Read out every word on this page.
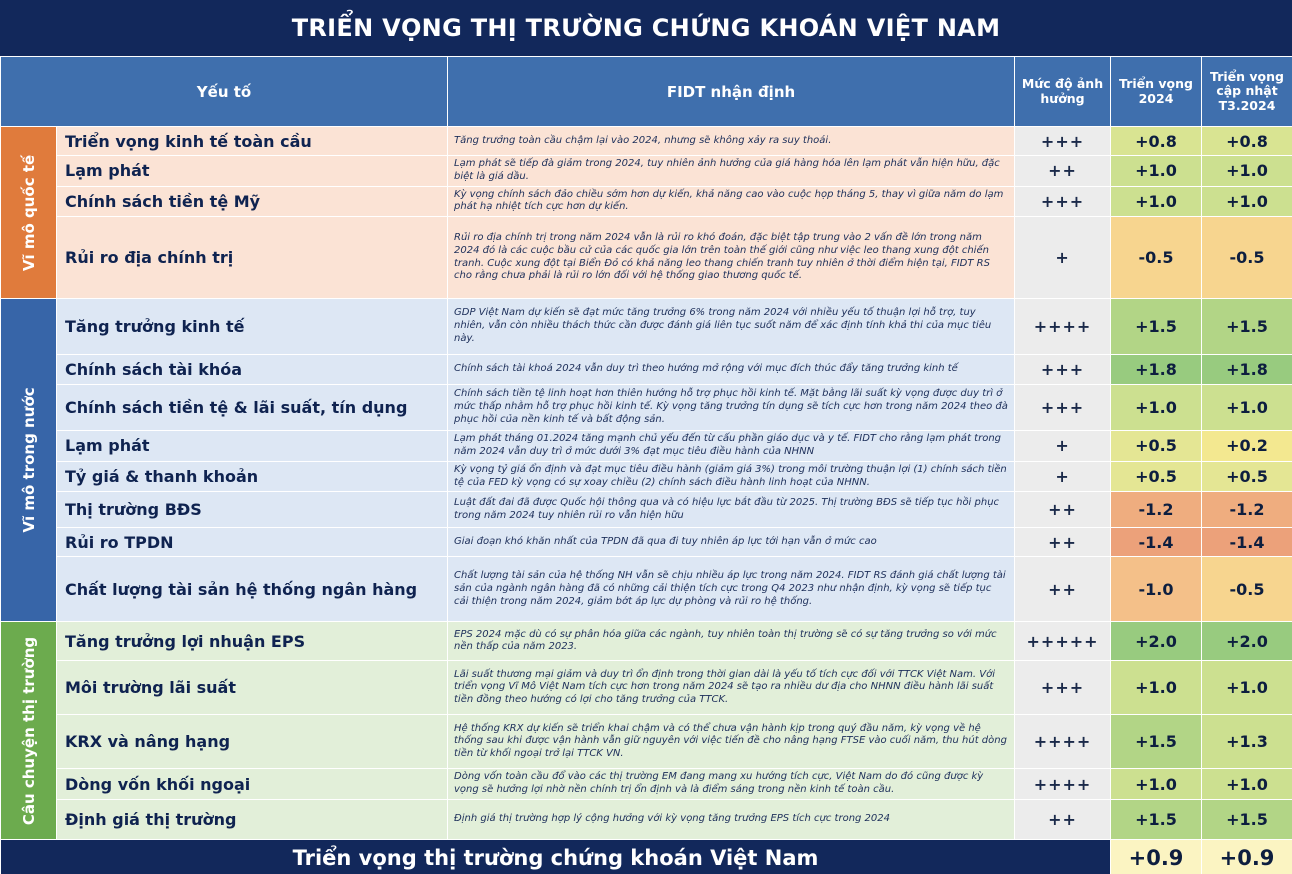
TRIỂN VỌNG THỊ TRƯỜNG CHỨNG KHOÁN VIỆT NAM
Yếu tố		FIDT nhận định	Mức độ ảnh hưởng	Triển vọng 2024	Triển vọng cập nhật T3.2024

Vĩ mô quốc tế	Triển vọng kinh tế toàn cầu	Tăng trưởng toàn cầu chậm lại vào 2024, nhưng sẽ không xảy ra suy thoái.	+++	+0.8	+0.8
	Lạm phát	Lạm phát sẽ tiếp đà giảm trong 2024, tuy nhiên ảnh hưởng của giá hàng hóa lên lạm phát vẫn hiện hữu, đặc biệt là giá dầu.	++	+1.0	+1.0
	Chính sách tiền tệ Mỹ	Kỳ vọng chính sách đảo chiều sớm hơn dự kiến, khả năng cao vào cuộc họp tháng 5, thay vì giữa năm do lạm phát hạ nhiệt tích cực hơn dự kiến.	+++	+1.0	+1.0
	Rủi ro địa chính trị	Rủi ro địa chính trị trong năm 2024 vẫn là rủi ro khó đoán, đặc biệt tập trung vào 2 vấn đề lớn trong năm 2024 đó là các cuộc bầu cử của các quốc gia lớn trên toàn thế giới cũng như việc leo thang xung đột chiến tranh. Cuộc xung đột tại Biển Đỏ có khả năng leo thang chiến tranh tuy nhiên ở thời điểm hiện tại, FIDT RS cho rằng chưa phải là rủi ro lớn đối với hệ thống giao thương quốc tế.	+	-0.5	-0.5

Vĩ mô trong nước	Tăng trưởng kinh tế	GDP Việt Nam dự kiến sẽ đạt mức tăng trưởng 6% trong năm 2024 với nhiều yếu tố thuận lợi hỗ trợ, tuy nhiên, vẫn còn nhiều thách thức cần được đánh giá liên tục suốt năm để xác định tính khả thi của mục tiêu này.	++++	+1.5	+1.5
	Chính sách tài khóa	Chính sách tài khoá 2024 vẫn duy trì theo hướng mở rộng với mục đích thúc đẩy tăng trưởng kinh tế	+++	+1.8	+1.8
	Chính sách tiền tệ & lãi suất, tín dụng	Chính sách tiền tệ linh hoạt hơn thiên hướng hỗ trợ phục hồi kinh tế. Mặt bằng lãi suất kỳ vọng được duy trì ở mức thấp nhằm hỗ trợ phục hồi kinh tế. Kỳ vọng tăng trưởng tín dụng sẽ tích cực hơn trong năm 2024 theo đà phục hồi của nền kinh tế và bất động sản.	+++	+1.0	+1.0
	Lạm phát	Lạm phát tháng 01.2024 tăng mạnh chủ yếu đến từ cấu phần giáo dục và y tế. FIDT cho rằng lạm phát trong năm 2024 vẫn duy trì ở mức dưới 3% đạt mục tiêu điều hành của NHNN	+	+0.5	+0.2
	Tỷ giá & thanh khoản	Kỳ vọng tỷ giá ổn định và đạt mục tiêu điều hành (giảm giá 3%) trong môi trường thuận lợi (1) chính sách tiền tệ của FED kỳ vọng có sự xoay chiều (2) chính sách điều hành linh hoạt của NHNN.	+	+0.5	+0.5
	Thị trường BĐS	Luật đất đai đã được Quốc hội thông qua và có hiệu lực bắt đầu từ 2025. Thị trường BĐS sẽ tiếp tục hồi phục trong năm 2024 tuy nhiên rủi ro vẫn hiện hữu	++	-1.2	-1.2
	Rủi ro TPDN	Giai đoạn khó khăn nhất của TPDN đã qua đi tuy nhiên áp lực tới hạn vẫn ở mức cao	++	-1.4	-1.4
	Chất lượng tài sản hệ thống ngân hàng	Chất lượng tài sản của hệ thống NH vẫn sẽ chịu nhiều áp lực trong năm 2024. FIDT RS đánh giá chất lượng tài sản của ngành ngân hàng đã có những cải thiện tích cực trong Q4 2023 như nhận định, kỳ vọng sẽ tiếp tục cải thiện trong năm 2024, giảm bớt áp lực dự phòng và rủi ro hệ thống.	++	-1.0	-0.5

Câu chuyện thị trường	Tăng trưởng lợi nhuận EPS	EPS 2024 mặc dù có sự phân hóa giữa các ngành, tuy nhiên toàn thị trường sẽ có sự tăng trưởng so với mức nền thấp của năm 2023.	+++++	+2.0	+2.0
	Môi trường lãi suất	Lãi suất thương mại giảm và duy trì ổn định trong thời gian dài là yếu tố tích cực đối với TTCK Việt Nam. Với triển vọng Vĩ Mô Việt Nam tích cực hơn trong năm 2024 sẽ tạo ra nhiều dư địa cho NHNN điều hành lãi suất tiền đồng theo hướng có lợi cho tăng trưởng của TTCK.	+++	+1.0	+1.0
	KRX và nâng hạng	Hệ thống KRX dự kiến sẽ triển khai chậm và có thể chưa vận hành kịp trong quý đầu năm, kỳ vọng về hệ thống sau khi được vận hành vẫn giữ nguyên với việc tiến đề cho nâng hạng FTSE vào cuối năm, thu hút dòng tiền từ khối ngoại trở lại TTCK VN.	++++	+1.5	+1.3
	Dòng vốn khối ngoại	Dòng vốn toàn cầu đổ vào các thị trường EM đang mang xu hướng tích cực, Việt Nam do đó cũng được kỳ vọng sẽ hưởng lợi nhờ nền chính trị ổn định và là điểm sáng trong nền kinh tế toàn cầu.	++++	+1.0	+1.0
	Định giá thị trường	Định giá thị trường hợp lý cộng hưởng với kỳ vọng tăng trưởng EPS tích cực trong 2024	++	+1.5	+1.5
Triển vọng thị trường chứng khoán Việt Nam				+0.9	+0.9
